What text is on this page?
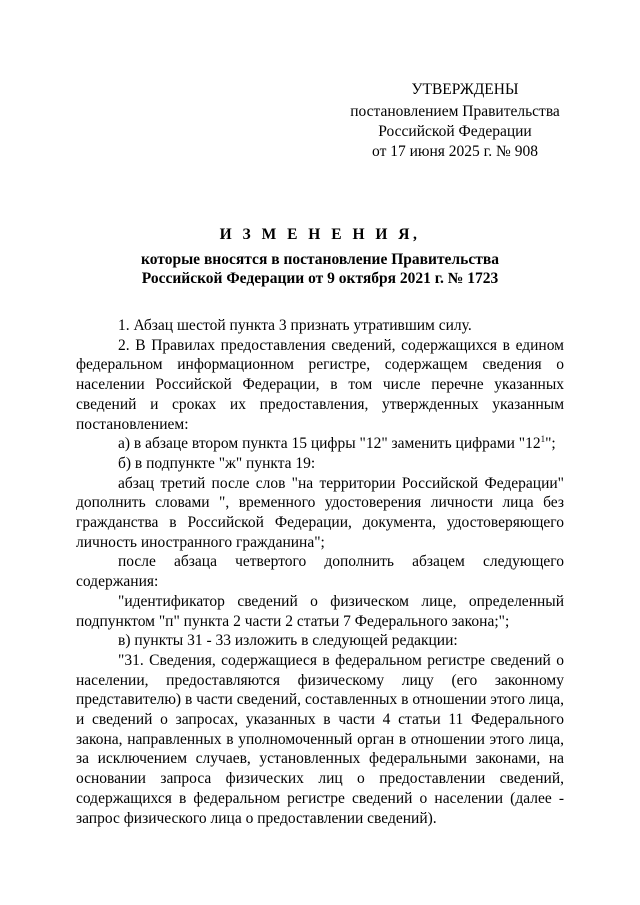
УТВЕРЖДЕНЫ
постановлением Правительства
Российской Федерации
от 17 июня 2025 г. № 908
И З М Е Н Е Н И Я,
которые вносятся в постановление Правительства
Российской Федерации от 9 октября 2021 г. № 1723

1. Абзац шестой пункта 3 признать утратившим силу.

2. В Правилах предоставления сведений, содержащихся в едином федеральном информационном регистре, содержащем сведения о населении Российской Федерации, в том числе перечне указанных сведений и сроках их предоставления, утвержденных указанным постановлением:

а) в абзаце втором пункта 15 цифры "12" заменить цифрами "$12^1$";

б) в подпункте "ж" пункта 19:

абзац третий после слов "на территории Российской Федерации" дополнить словами ", временного удостоверения личности лица без гражданства в Российской Федерации, документа, удостоверяющего личность иностранного гражданина";

после абзаца четвертого дополнить абзацем следующего содержания:

"идентификатор сведений о физическом лице, определенный подпунктом "п" пункта 2 части 2 статьи 7 Федерального закона;";

в) пункты 31 - 33 изложить в следующей редакции:

"31. Сведения, содержащиеся в федеральном регистре сведений о населении, предоставляются физическому лицу (его законному представителю) в части сведений, составленных в отношении этого лица, и сведений о запросах, указанных в части 4 статьи 11 Федерального закона, направленных в уполномоченный орган в отношении этого лица, за исключением случаев, установленных федеральными законами, на основании запроса физических лиц о предоставлении сведений, содержащихся в федеральном регистре сведений о населении (далее - запрос физического лица о предоставлении сведений).
